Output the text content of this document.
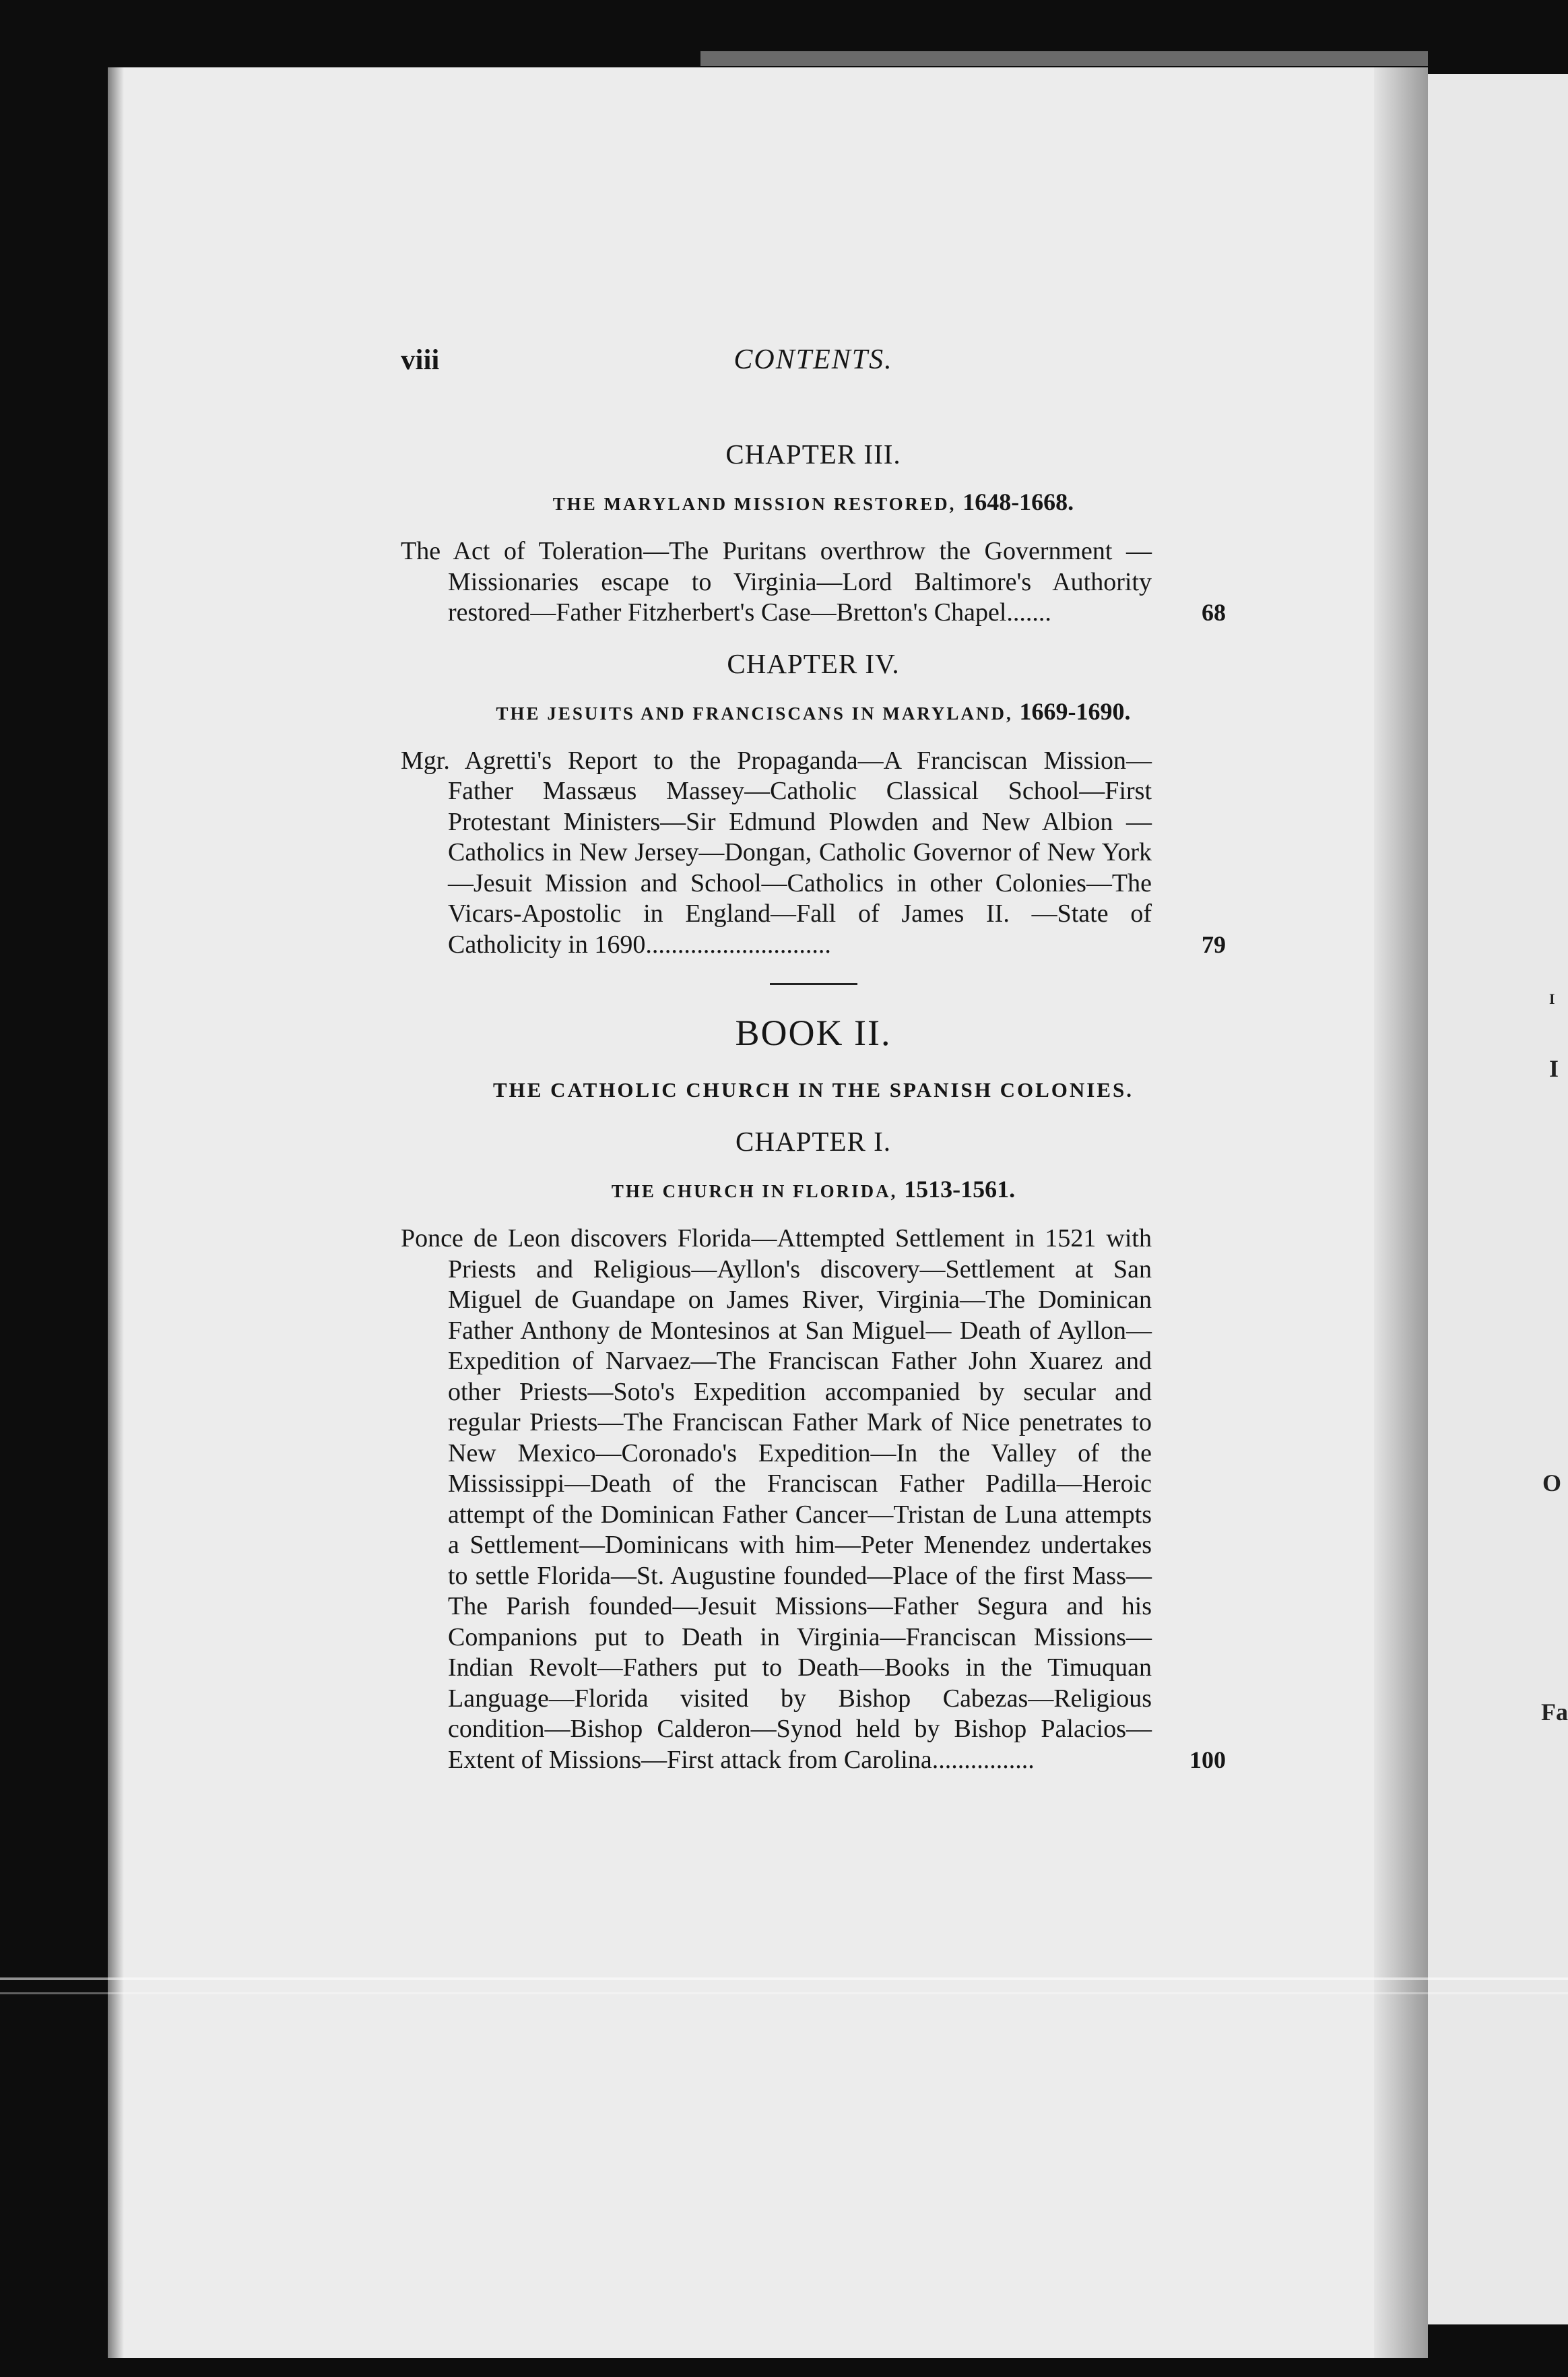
I
I
O
Fa
viii	CONTENTS.
CHAPTER III.
THE MARYLAND MISSION RESTORED, 1648-1668.
The Act of Toleration—The Puritans overthrow the Government —Missionaries escape to Virginia—Lord Baltimore's Authority restored—Father Fitzherbert's Case—Bretton's Chapel.......	68
CHAPTER IV.
THE JESUITS AND FRANCISCANS IN MARYLAND, 1669-1690.
Mgr. Agretti's Report to the Propaganda—A Franciscan Mission— Father Massæus Massey—Catholic Classical School—First Protestant Ministers—Sir Edmund Plowden and New Albion —Catholics in New Jersey—Dongan, Catholic Governor of New York—Jesuit Mission and School—Catholics in other Colonies—The Vicars-Apostolic in England—Fall of James II. —State of Catholicity in 1690.............................	79
BOOK II.
THE CATHOLIC CHURCH IN THE SPANISH COLONIES.
CHAPTER I.
THE CHURCH IN FLORIDA, 1513-1561.
Ponce de Leon discovers Florida—Attempted Settlement in 1521 with Priests and Religious—Ayllon's discovery—Settlement at San Miguel de Guandape on James River, Virginia—The Dominican Father Anthony de Montesinos at San Miguel— Death of Ayllon—Expedition of Narvaez—The Franciscan Father John Xuarez and other Priests—Soto's Expedition accompanied by secular and regular Priests—The Franciscan Father Mark of Nice penetrates to New Mexico—Coronado's Expedition—In the Valley of the Mississippi—Death of the Franciscan Father Padilla—Heroic attempt of the Dominican Father Cancer—Tristan de Luna attempts a Settlement—Dominicans with him—Peter Menendez undertakes to settle Florida—St. Augustine founded—Place of the first Mass—The Parish founded—Jesuit Missions—Father Segura and his Companions put to Death in Virginia—Franciscan Missions—Indian Revolt—Fathers put to Death—Books in the Timuquan Language—Florida visited by Bishop Cabezas—Religious condition—Bishop Calderon—Synod held by Bishop Palacios—Extent of Missions—First attack from Carolina................	100
